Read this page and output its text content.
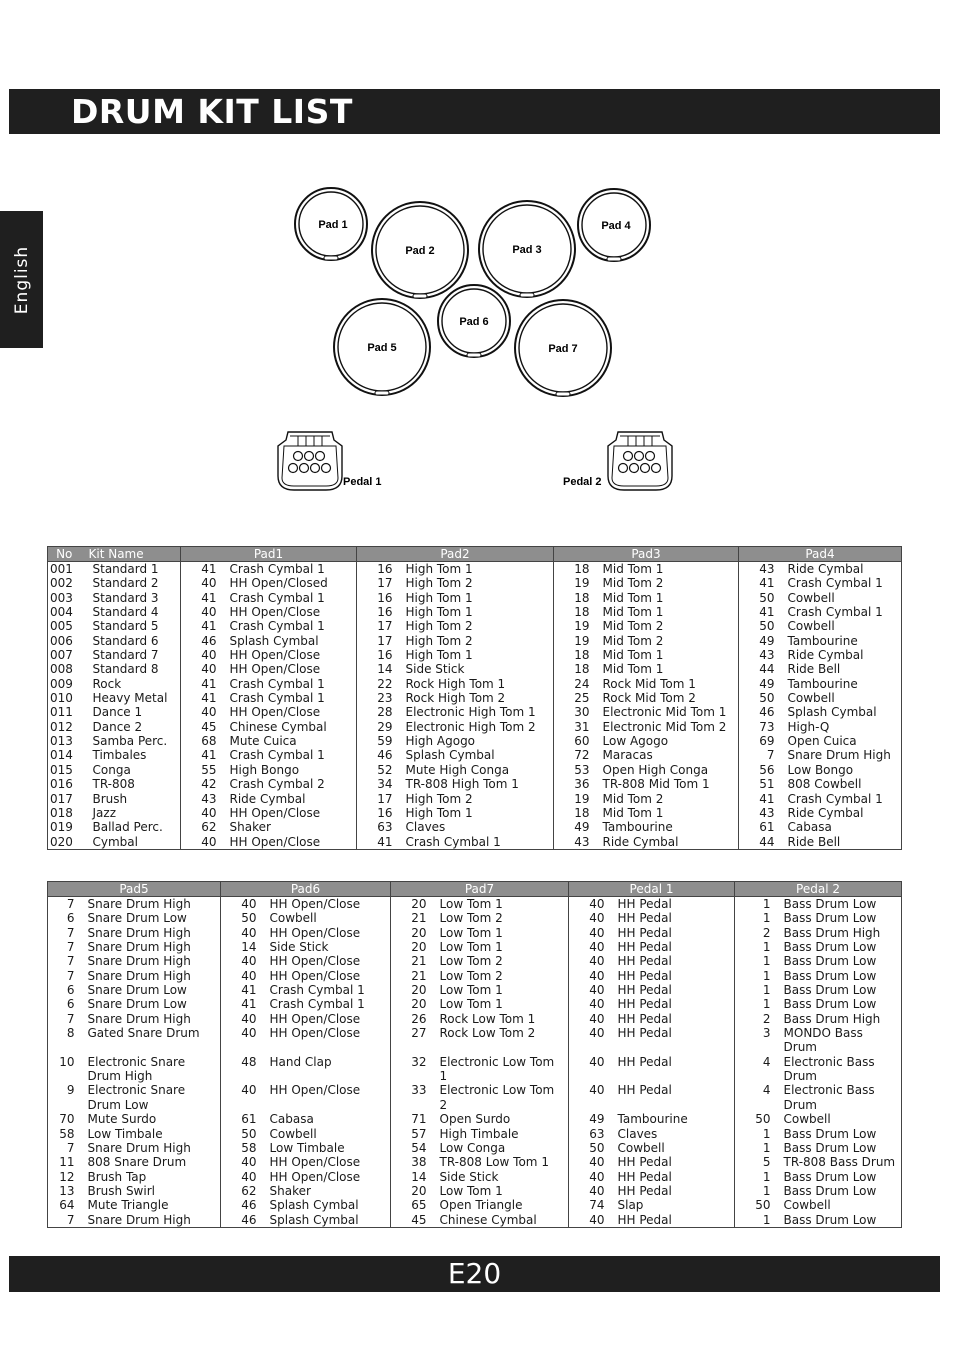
DRUM KIT LIST
English
Pad 1
Pad 2	Pad 3
Pad 4
Pad 5
Pad 6
Pad 7
Pedal 1	Pedal 2
No	Kit Name	Pad1		Pad2		Pad3		Pad4	
001	Standard 1	41	Crash Cymbal 1	16	High Tom 1	18	Mid Tom 1	43	Ride Cymbal
002	Standard 2	40	HH Open/Closed	17	High Tom 2	19	Mid Tom 2	41	Crash Cymbal 1
003	Standard 3	41	Crash Cymbal 1	16	High Tom 1	18	Mid Tom 1	50	Cowbell
004	Standard 4	40	HH Open/Close	16	High Tom 1	18	Mid Tom 1	41	Crash Cymbal 1
005	Standard 5	41	Crash Cymbal 1	17	High Tom 2	19	Mid Tom 2	50	Cowbell
006	Standard 6	46	Splash Cymbal	17	High Tom 2	19	Mid Tom 2	49	Tambourine
007	Standard 7	40	HH Open/Close	16	High Tom 1	18	Mid Tom 1	43	Ride Cymbal
008	Standard 8	40	HH Open/Close	14	Side Stick	18	Mid Tom 1	44	Ride Bell
009	Rock	41	Crash Cymbal 1	22	Rock High Tom 1	24	Rock Mid Tom 1	49	Tambourine
010	Heavy Metal	41	Crash Cymbal 1	23	Rock High Tom 2	25	Rock Mid Tom 2	50	Cowbell
011	Dance 1	40	HH Open/Close	28	Electronic High Tom 1	30	Electronic Mid Tom 1	46	Splash Cymbal
012	Dance 2	45	Chinese Cymbal	29	Electronic High Tom 2	31	Electronic Mid Tom 2	73	High-Q
013	Samba Perc.	68	Mute Cuica	59	High Agogo	60	Low Agogo	69	Open Cuica
014	Timbales	41	Crash Cymbal 1	46	Splash Cymbal	72	Maracas	7	Snare Drum High
015	Conga	55	High Bongo	52	Mute High Conga	53	Open High Conga	56	Low Bongo
016	TR-808	42	Crash Cymbal 2	34	TR-808 High Tom 1	36	TR-808 Mid Tom 1	51	808 Cowbell
017	Brush	43	Ride Cymbal	17	High Tom 2	19	Mid Tom 2	41	Crash Cymbal 1
018	Jazz	40	HH Open/Close	16	High Tom 1	18	Mid Tom 1	43	Ride Cymbal
019	Ballad Perc.	62	Shaker	63	Claves	49	Tambourine	61	Cabasa
020	Cymbal	40	HH Open/Close	41	Crash Cymbal 1	43	Ride Cymbal	44	Ride Bell
Pad5		Pad6		Pad7		Pedal 1		Pedal 2	
7	Snare Drum High	40	HH Open/Close	20	Low Tom 1	40	HH Pedal	1	Bass Drum Low
6	Snare Drum Low	50	Cowbell	21	Low Tom 2	40	HH Pedal	1	Bass Drum Low
7	Snare Drum High	40	HH Open/Close	20	Low Tom 1	40	HH Pedal	2	Bass Drum High
7	Snare Drum High	14	Side Stick	20	Low Tom 1	40	HH Pedal	1	Bass Drum Low
7	Snare Drum High	40	HH Open/Close	21	Low Tom 2	40	HH Pedal	1	Bass Drum Low
7	Snare Drum High	40	HH Open/Close	21	Low Tom 2	40	HH Pedal	1	Bass Drum Low
6	Snare Drum Low	41	Crash Cymbal 1	20	Low Tom 1	40	HH Pedal	1	Bass Drum Low
6	Snare Drum Low	41	Crash Cymbal 1	20	Low Tom 1	40	HH Pedal	1	Bass Drum Low
7	Snare Drum High	40	HH Open/Close	26	Rock Low Tom 1	40	HH Pedal	2	Bass Drum High
8	Gated Snare Drum	40	HH Open/Close	27	Rock Low Tom 2	40	HH Pedal	3	MONDO Bass Drum
10	Electronic Snare Drum High	48	Hand Clap	32	Electronic Low Tom 1	40	HH Pedal	4	Electronic Bass Drum
9	Electronic Snare Drum Low	40	HH Open/Close	33	Electronic Low Tom 2	40	HH Pedal	4	Electronic Bass Drum
70	Mute Surdo	61	Cabasa	71	Open Surdo	49	Tambourine	50	Cowbell
58	Low Timbale	50	Cowbell	57	High Timbale	63	Claves	1	Bass Drum Low
7	Snare Drum High	58	Low Timbale	54	Low Conga	50	Cowbell	1	Bass Drum Low
11	808 Snare Drum	40	HH Open/Close	38	TR-808 Low Tom 1	40	HH Pedal	5	TR-808 Bass Drum
12	Brush Tap	40	HH Open/Close	14	Side Stick	40	HH Pedal	1	Bass Drum Low
13	Brush Swirl	62	Shaker	20	Low Tom 1	40	HH Pedal	1	Bass Drum Low
64	Mute Triangle	46	Splash Cymbal	65	Open Triangle	74	Slap	50	Cowbell
7	Snare Drum High	46	Splash Cymbal	45	Chinese Cymbal	40	HH Pedal	1	Bass Drum Low
E20
